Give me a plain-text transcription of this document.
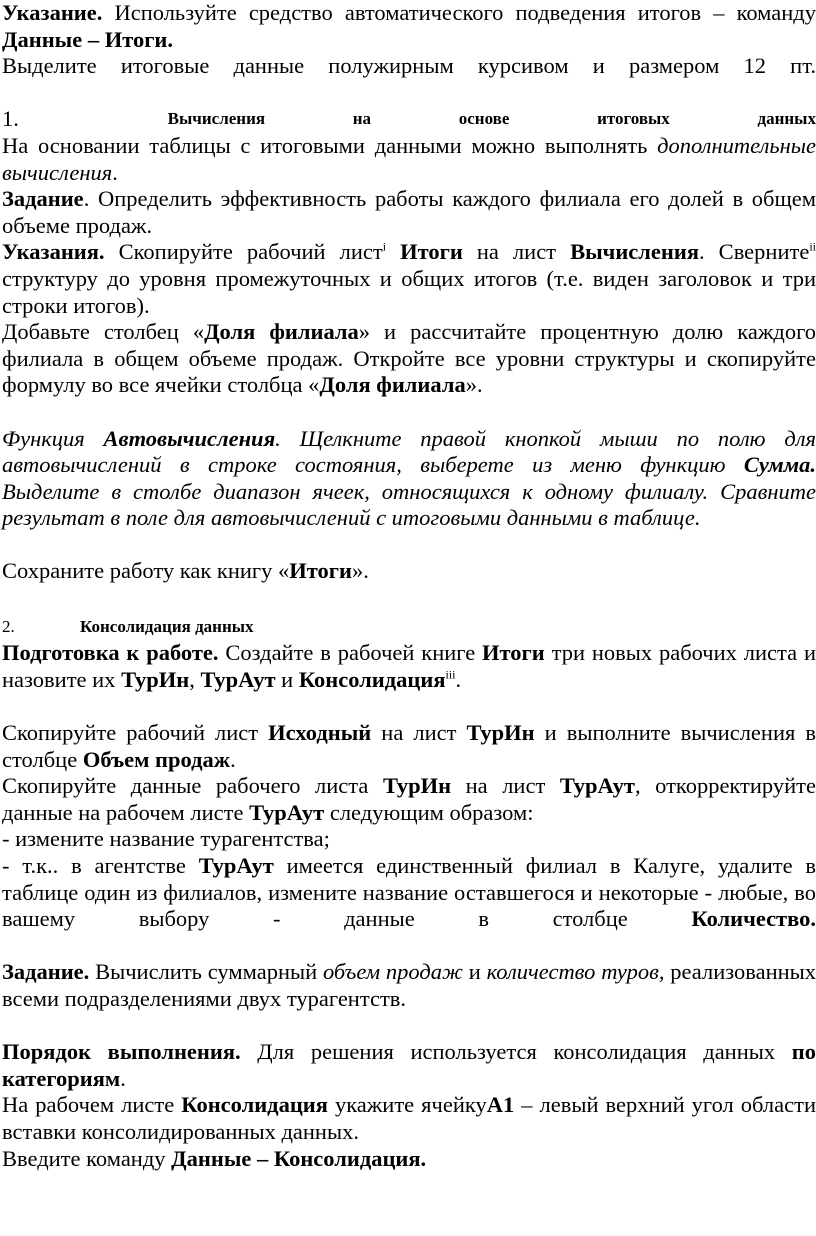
Указание. Используйте средство автоматического подведения итогов – команду Данные – Итоги.

Выделите итоговые данные полужирным курсивом и размером 12 пт.

1.	Вычисления	на	основе	итоговых	данных

На основании таблицы с итоговыми данными можно выполнять дополнительные вычисления.

Задание. Определить эффективность работы каждого филиала его долей в общем объеме продаж.

Указания. Скопируйте рабочий лист$^i$ Итоги на лист Вычисления. Сверните$^{ii}$ структуру до уровня промежуточных и общих итогов (т.е. виден заголовок и три строки итогов).

Добавьте столбец «Доля филиала» и рассчитайте процентную долю каждого филиала в общем объеме продаж. Откройте все уровни структуры и скопируйте формулу во все ячейки столбца «Доля филиала».

Функция Автовычисления. Щелкните правой кнопкой мыши по полю для автовычислений в строке состояния, выберете из меню функцию Сумма. Выделите в столбе диапазон ячеек, относящихся к одному филиалу. Сравните результат в поле для автовычислений с итоговыми данными в таблице.

Сохраните работу как книгу «Итоги».

2.	Консолидация данных

Подготовка к работе. Создайте в рабочей книге Итоги три новых рабочих листа и назовите их ТурИн, ТурАут и Консолидация$^{iii}$.

Скопируйте рабочий лист Исходный на лист ТурИн и выполните вычисления в столбце Объем продаж.

Скопируйте данные рабочего листа ТурИн на лист ТурАут, откорректируйте данные на рабочем листе ТурАут следующим образом:

- измените название турагентства;

- т.к.. в агентстве ТурАут имеется единственный филиал в Калуге, удалите в таблице один из филиалов, измените название оставшегося и некоторые - любые, во вашему выбору - данные в столбце Количество.

Задание. Вычислить суммарный объем продаж и количество туров, реализованных всеми подразделениями двух турагентств.

Порядок выполнения. Для решения используется консолидация данных по категориям.

На рабочем листе Консолидация укажите ячейкуА1 – левый верхний угол области вставки консолидированных данных.

Введите команду Данные – Консолидация.
